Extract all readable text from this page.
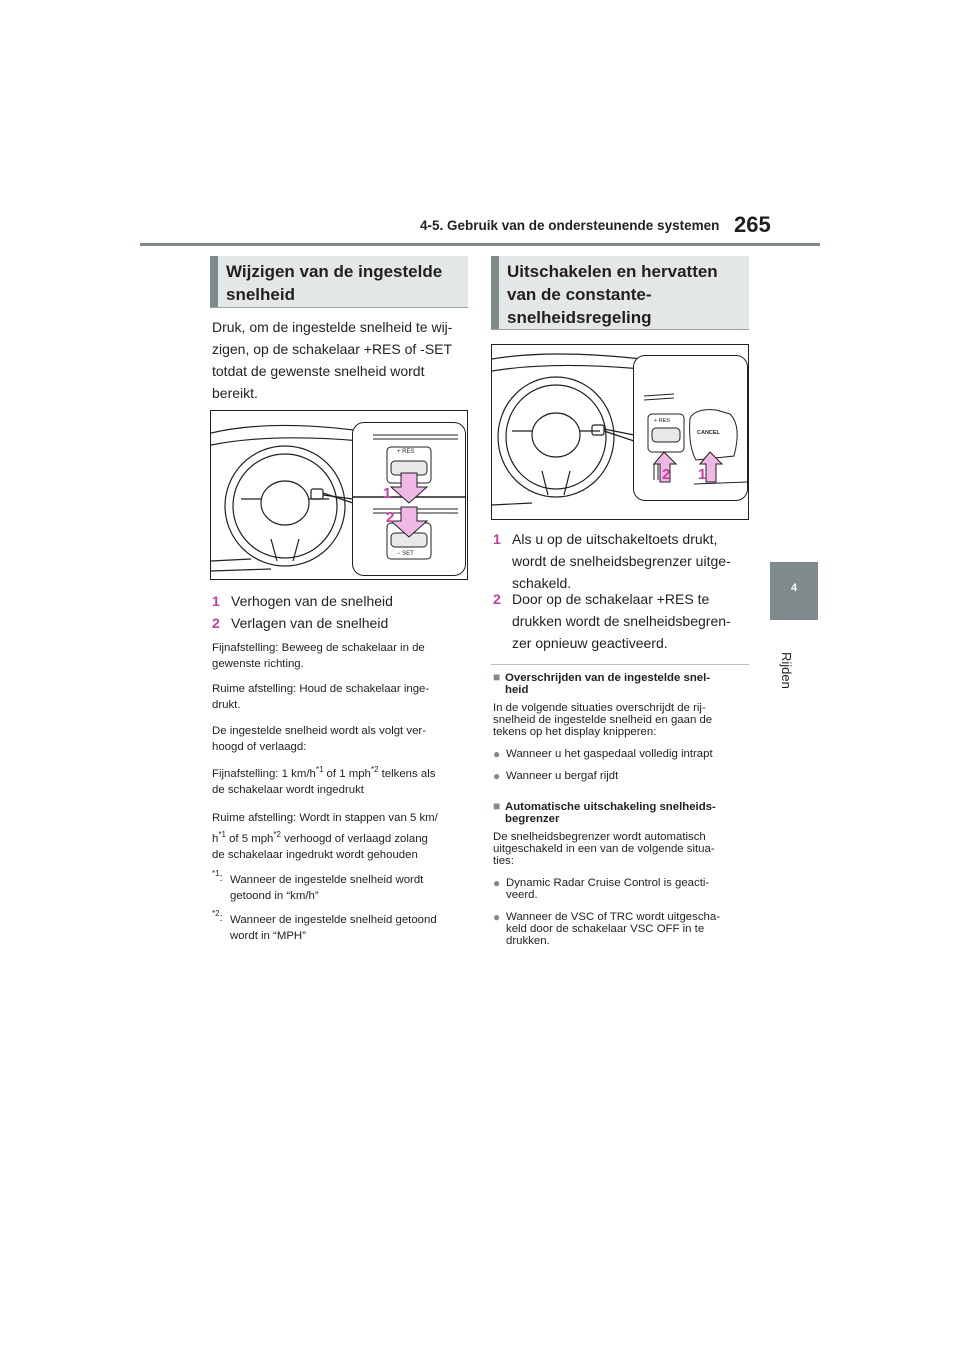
4-5. Gebruik van de ondersteunende systemen 265
4
Rijden
Wijzigen van de ingestelde
snelheid
Druk, om de ingestelde snelheid te wij-
zigen, op de schakelaar +RES of -SET
totdat de gewenste snelheid wordt
bereikt.
+ RES
− SET
1
2
1 Verhogen van de snelheid
2 Verlagen van de snelheid
Fijnafstelling: Beweeg de schakelaar in de
gewenste richting.
Ruime afstelling: Houd de schakelaar inge-
drukt.
De ingestelde snelheid wordt als volgt ver-
hoogd of verlaagd:
Fijnafstelling: 1 $km/h^{*1}$ of 1 mph$^{*2}$ telkens als
de schakelaar wordt ingedrukt
Ruime afstelling: Wordt in stappen van 5 km/
$h^{*1}$ of 5 mph$^{*2}$ verhoogd of verlaagd zolang
de schakelaar ingedrukt wordt gehouden
$^{*1}$: Wanneer de ingestelde snelheid wordt
getoond in “km/h”
$^{*2}$: Wanneer de ingestelde snelheid getoond
wordt in “MPH”
Uitschakelen en hervatten
van de constante-
snelheidsregeling
+ RES
CANCEL
2 1
1 Als u op de uitschakeltoets drukt,
wordt de snelheidsbegrenzer uitge-
schakeld.
2 Door op de schakelaar +RES te
drukken wordt de snelheidsbegren-
zer opnieuw geactiveerd.
■ Overschrijden van de ingestelde snel-
heid
In de volgende situaties overschrijdt de rij-
snelheid de ingestelde snelheid en gaan de
tekens op het display knipperen:
● Wanneer u het gaspedaal volledig intrapt
● Wanneer u bergaf rijdt
■ Automatische uitschakeling snelheids-
begrenzer
De snelheidsbegrenzer wordt automatisch
uitgeschakeld in een van de volgende situa-
ties:
● Dynamic Radar Cruise Control is geacti-
veerd.
● Wanneer de VSC of TRC wordt uitgescha-
keld door de schakelaar VSC OFF in te
drukken.
